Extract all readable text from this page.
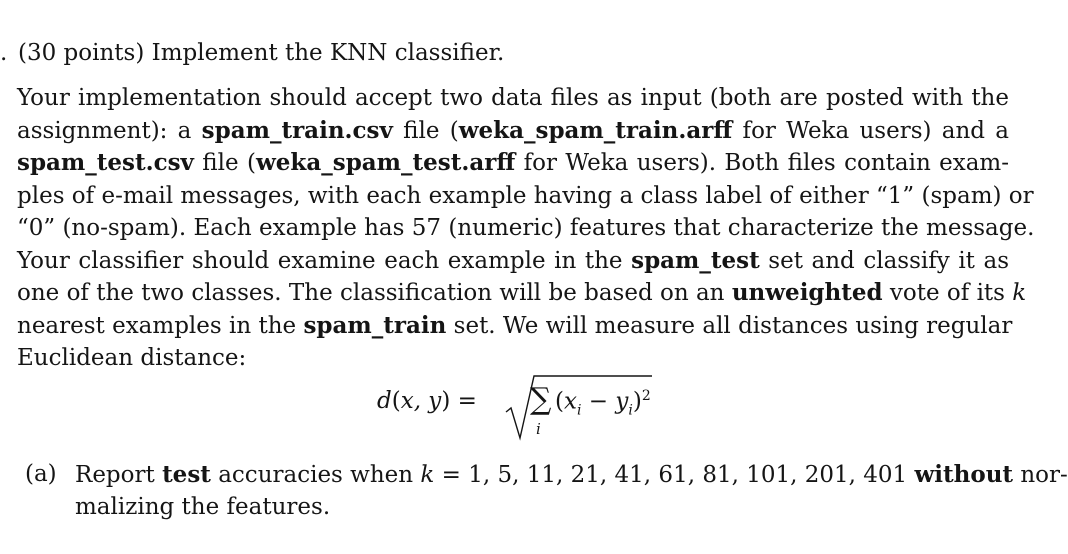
. (30 points) Implement the KNN classifier.
Your implementation should accept two data files as input (both are posted with the
assignment): a spam_train.csv file (weka_spam_train.arff for Weka users) and a
spam_test.csv file (weka_spam_test.arff for Weka users). Both files contain exam-
ples of e-mail messages, with each example having a class label of either “1” (spam) or
“0” (no-spam). Each example has 57 (numeric) features that characterize the message.
Your classifier should examine each example in the spam_test set and classify it as
one of the two classes. The classification will be based on an unweighted vote of its k
nearest examples in the spam_train set. We will measure all distances using regular
Euclidean distance:
d(x, y) = ∑
i
$(x_i - y_i)^2$
(a) Report test accuracies when k = 1, 5, 11, 21, 41, 61, 81, 101, 201, 401 without nor-
malizing the features.
